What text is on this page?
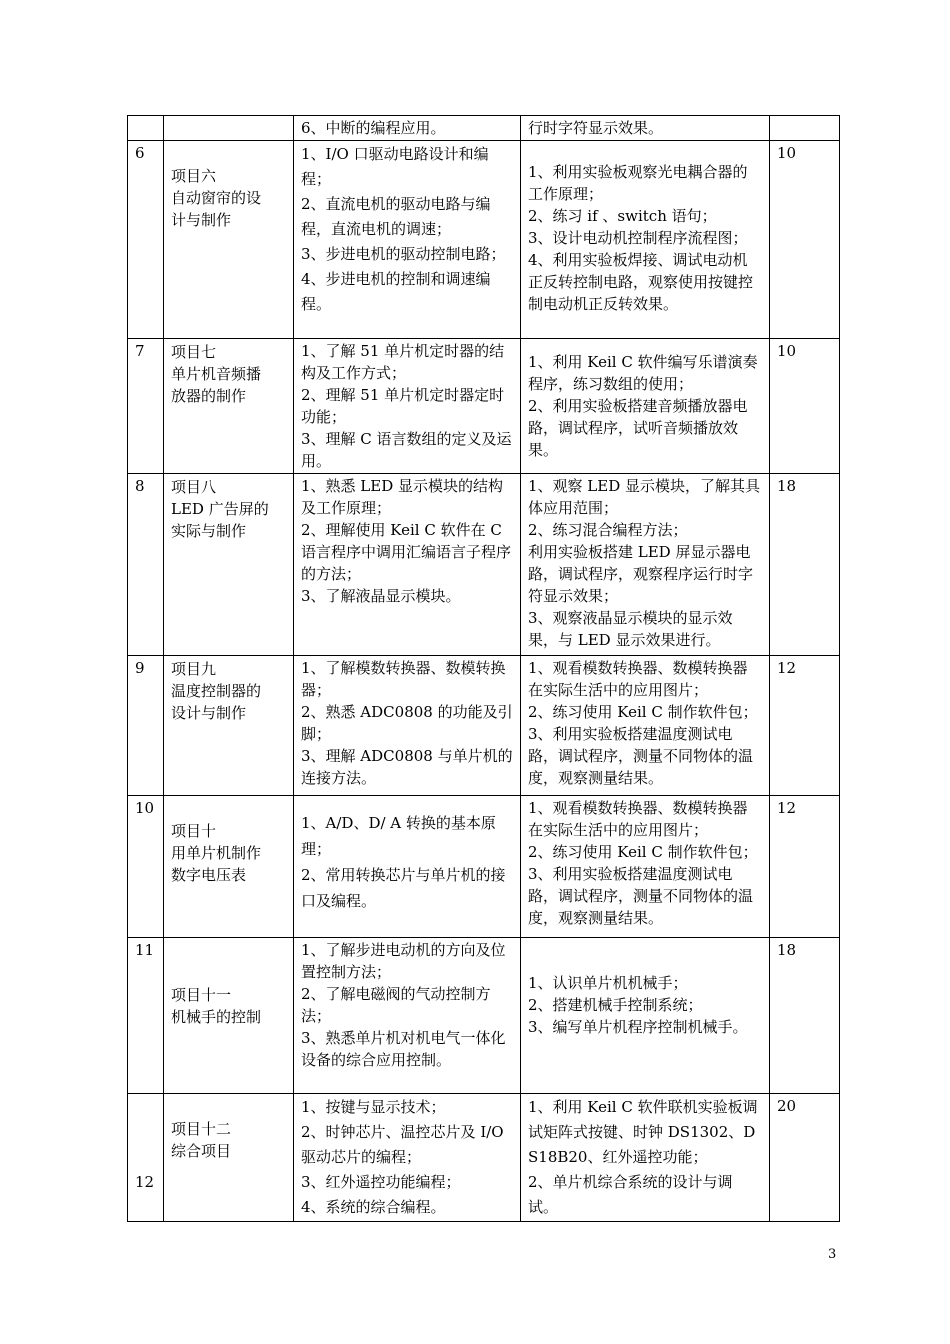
		6、中断的编程应用。	行时字符显示效果。	

6	项目六
自动窗帘的设
计与制作	1、I/O 口驱动电路设计和编程；
2、直流电机的驱动电路与编程，直流电机的调速；
3、步进电机的驱动控制电路；
4、步进电机的控制和调速编程。	1、利用实验板观察光电耦合器的工作原理；
2、练习 if 、switch 语句；
3、设计电动机控制程序流程图；
4、利用实验板焊接、调试电动机正反转控制电路，观察使用按键控制电动机正反转效果。	10
7	项目七
单片机音频播
放器的制作	1、了解 51 单片机定时器的结构及工作方式；
2、理解 51 单片机定时器定时功能；
3、理解 C 语言数组的定义及运用。	1、利用 Keil C 软件编写乐谱演奏程序，练习数组的使用；
2、利用实验板搭建音频播放器电路，调试程序，试听音频播放效果。	10
8	项目八
LED 广告屏的
实际与制作	1、熟悉 LED 显示模块的结构及工作原理；
2、理解使用 Keil C 软件在 C 语言程序中调用汇编语言子程序的方法；
3、了解液晶显示模块。	1、观察 LED 显示模块，了解其具体应用范围；
2、练习混合编程方法；
利用实验板搭建 LED 屏显示器电路，调试程序，观察程序运行时字符显示效果；
3、观察液晶显示模块的显示效果，与 LED 显示效果进行。	18
9	项目九
温度控制器的
设计与制作	1、了解模数转换器、数模转换器；
2、熟悉 ADC0808 的功能及引脚；
3、理解 ADC0808 与单片机的连接方法。	1、观看模数转换器、数模转换器在实际生活中的应用图片；
2、练习使用 Keil C 制作软件包；
3、利用实验板搭建温度测试电路，调试程序，测量不同物体的温度，观察测量结果。	12
10	项目十
用单片机制作
数字电压表	1、A/D、D/ A 转换的基本原理；
2、常用转换芯片与单片机的接口及编程。	1、观看模数转换器、数模转换器在实际生活中的应用图片；
2、练习使用 Keil C 制作软件包；
3、利用实验板搭建温度测试电路，调试程序，测量不同物体的温度，观察测量结果。	12
11	项目十一
机械手的控制	1、了解步进电动机的方向及位置控制方法；
2、了解电磁阀的气动控制方法；
3、熟悉单片机对机电气一体化设备的综合应用控制。	1、认识单片机机械手；
2、搭建机械手控制系统；
3、编写单片机程序控制机械手。	18
12	项目十二
综合项目	1、按键与显示技术；
2、时钟芯片、温控芯片及 I/O 驱动芯片的编程；
3、红外遥控功能编程；
4、系统的综合编程。	1、利用 Keil C 软件联机实验板调试矩阵式按键、时钟 DS1302、DS18B20、红外遥控功能；
2、单片机综合系统的设计与调试。	20
3
